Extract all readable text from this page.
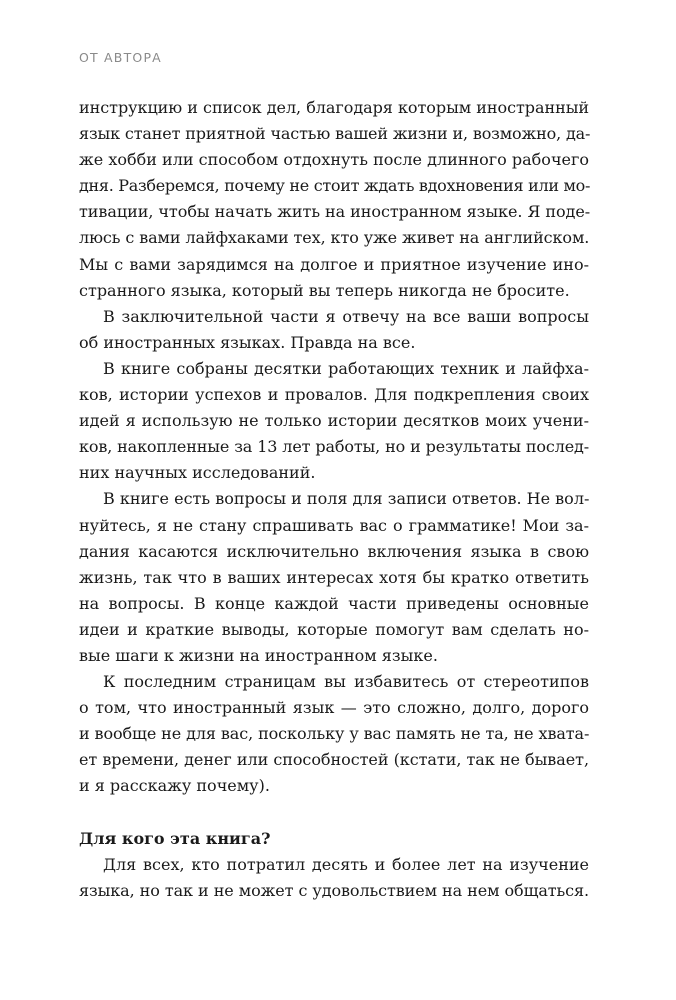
ОТ АВТОРА
инструкцию и список дел, благодаря которым иностранный
язык станет приятной частью вашей жизни и, возможно, да-
же хобби или способом отдохнуть после длинного рабочего
дня. Разберемся, почему не стоит ждать вдохновения или мо-
тивации, чтобы начать жить на иностранном языке. Я поде-
люсь с вами лайфхаками тех, кто уже живет на английском.
Мы с вами зарядимся на долгое и приятное изучение ино-
странного языка, который вы теперь никогда не бросите.
В заключительной части я отвечу на все ваши вопросы
об иностранных языках. Правда на все.
В книге собраны десятки работающих техник и лайфха-
ков, истории успехов и провалов. Для подкрепления своих
идей я использую не только истории десятков моих учени-
ков, накопленные за 13 лет работы, но и результаты послед-
них научных исследований.
В книге есть вопросы и поля для записи ответов. Не вол-
нуйтесь, я не стану спрашивать вас о грамматике! Мои за-
дания касаются исключительно включения языка в свою
жизнь, так что в ваших интересах хотя бы кратко ответить
на вопросы. В конце каждой части приведены основные
идеи и краткие выводы, которые помогут вам сделать но-
вые шаги к жизни на иностранном языке.
К последним страницам вы избавитесь от стереотипов
о том, что иностранный язык — это сложно, долго, дорого
и вообще не для вас, поскольку у вас память не та, не хвата-
ет времени, денег или способностей (кстати, так не бывает,
и я расскажу почему).
Для кого эта книга?
Для всех, кто потратил десять и более лет на изучение
языка, но так и не может с удовольствием на нем общаться.
